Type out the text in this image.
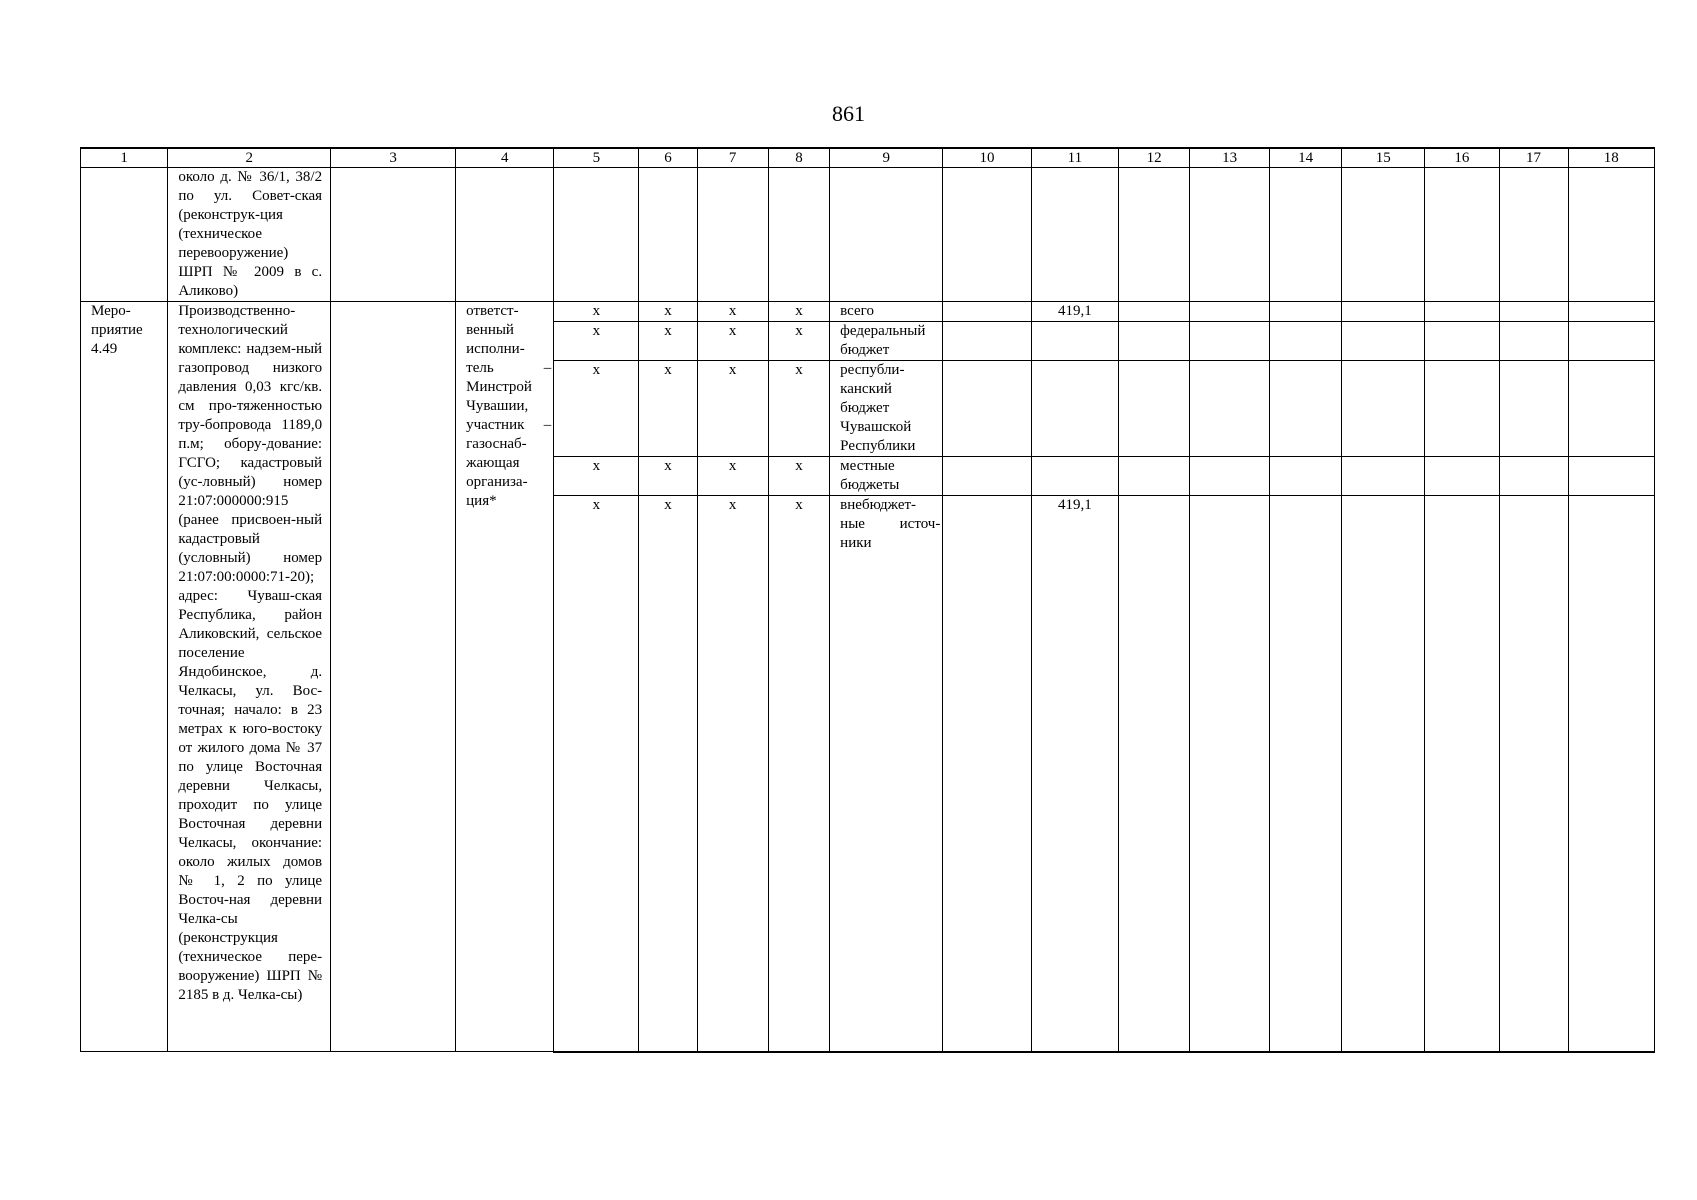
861
1	2	3	4	5	6	7	8	9	10	11	12	13	14	15	16	17	18
	около д. № 36/1, 38/2 по ул. Совет-ская (реконструк-ция (техническое перевооружение) ШРП № 2009 в с. Аликово)																
Меро-приятие 4.49	Производственно-технологический комплекс: надзем-ный газопровод низкого давления 0,03 кгс/кв. см про-тяженностью тру-бопровода 1189,0 п.м; обору-дование: ГСГО; кадастровый (ус-ловный) номер 21:07:000000:915 (ранее присвоен-ный кадастровый (условный) номер 21:07:00:0000:71-20); адрес: Чуваш-ская Республика, район Аликовский, сельское поселение Яндобинское, д. Челкасы, ул. Вос-точная; начало: в 23 метрах к юго-востоку от жилого дома № 37 по улице Восточная деревни Челкасы, проходит по улице Восточная деревни Челкасы, окончание: около жилых домов № 1, 2 по улице Восточ-ная деревни Челка-сы (реконструкция (техническое пере-вооружение) ШРП № 2185 в д. Челка-сы)		ответст-венный исполни-тель – Минстрой Чувашии, участник – газоснаб-жающая организа-ция*	x	x	x	x	всего		419,1							
				x	x	x	x	федеральный бюджет									
				x	x	x	x	республи-канский бюджет Чувашской Республики									
				x	x	x	x	местные бюджеты									
				x	x	x	x	внебюджет-ные источ-ники		419,1							
